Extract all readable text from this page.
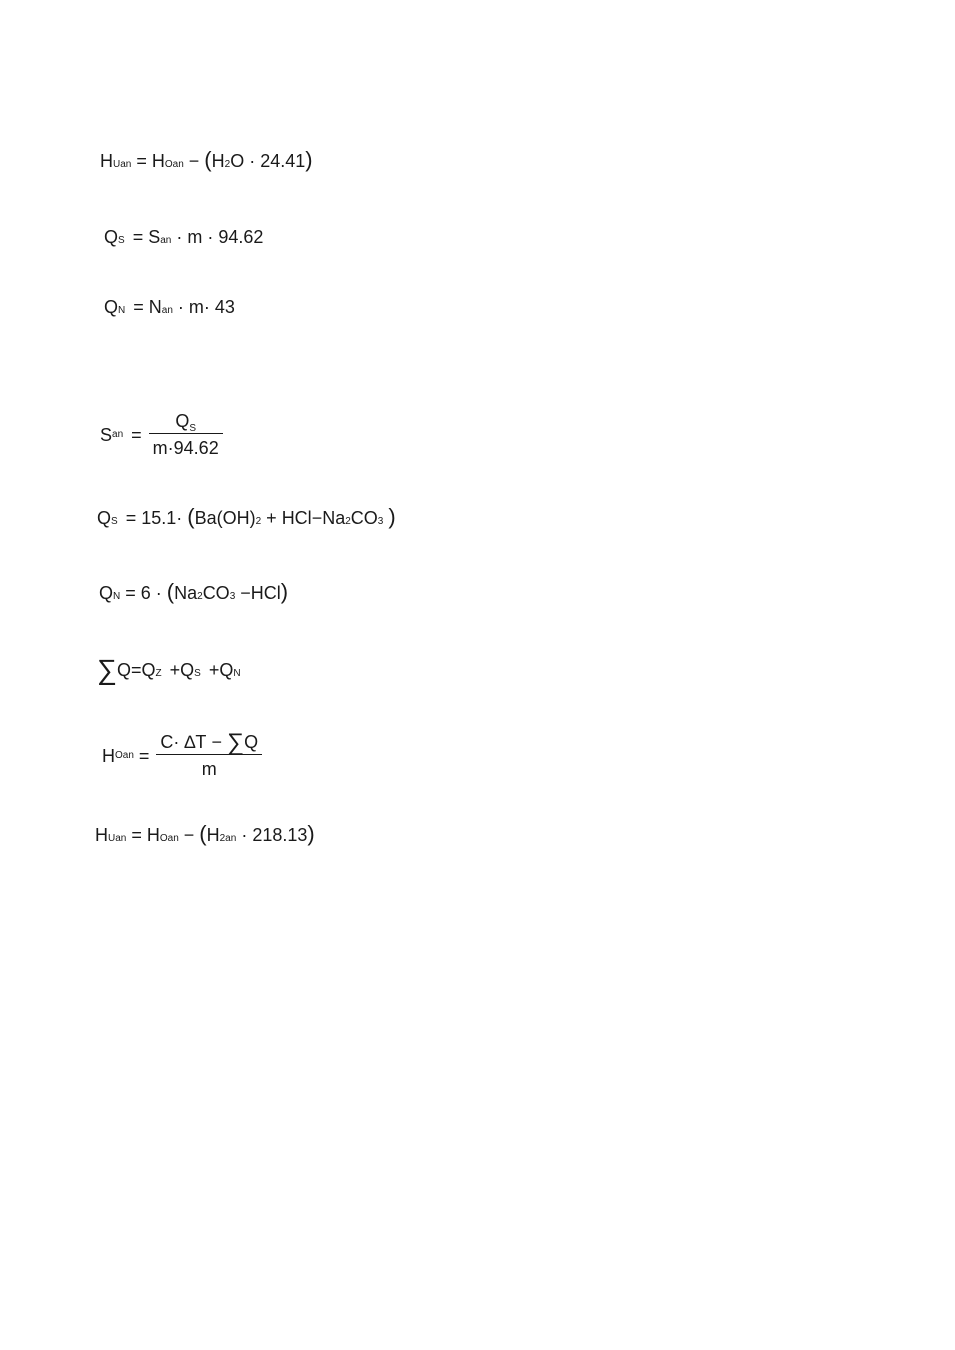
H Uan = H Oan − ( H 2 O · 24.41 )
Q S = S an · m · 94.62
Q N = N an · m · 43
S an = $\frac{Q_S}{m\cdot 94.62}$
Q S = 15.1 · ( Ba (OH) 2 + HCl − Na 2 CO 3 )
Q N = 6 · ( Na 2 CO 3 − HCl )
∑ Q = Q Z + Q S + Q N
H Oan = $\frac{C\cdot \Delta T - \sum Q}{m}$
H Uan = H Oan − ( H 2an · 218.13 )
